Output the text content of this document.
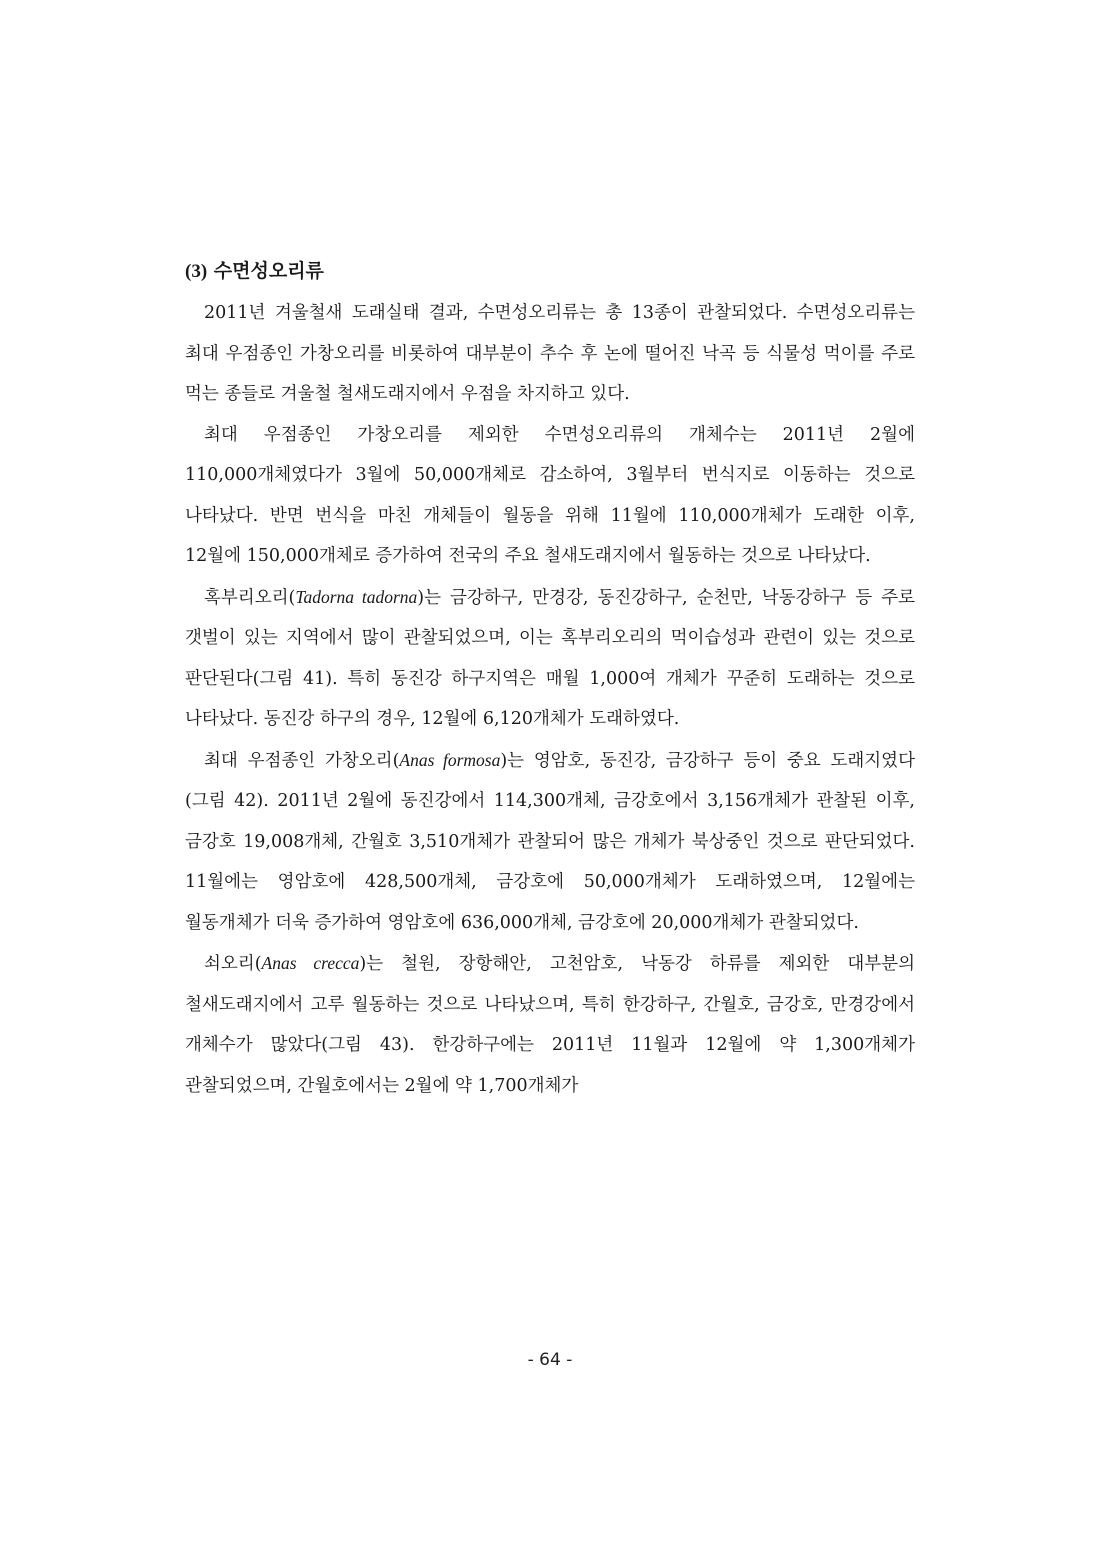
(3) 수면성오리류

2011년 겨울철새 도래실태 결과, 수면성오리류는 총 13종이 관찰되었다. 수면성오리류는 최대 우점종인 가창오리를 비롯하여 대부분이 추수 후 논에 떨어진 낙곡 등 식물성 먹이를 주로 먹는 종들로 겨울철 철새도래지에서 우점을 차지하고 있다.

최대 우점종인 가창오리를 제외한 수면성오리류의 개체수는 2011년 2월에 110,000개체였다가 3월에 50,000개체로 감소하여, 3월부터 번식지로 이동하는 것으로 나타났다. 반면 번식을 마친 개체들이 월동을 위해 11월에 110,000개체가 도래한 이후, 12월에 150,000개체로 증가하여 전국의 주요 철새도래지에서 월동하는 것으로 나타났다.

혹부리오리(Tadorna tadorna)는 금강하구, 만경강, 동진강하구, 순천만, 낙동강하구 등 주로 갯벌이 있는 지역에서 많이 관찰되었으며, 이는 혹부리오리의 먹이습성과 관련이 있는 것으로 판단된다(그림 41). 특히 동진강 하구지역은 매월 1,000여 개체가 꾸준히 도래하는 것으로 나타났다. 동진강 하구의 경우, 12월에 6,120개체가 도래하였다.

최대 우점종인 가창오리(Anas formosa)는 영암호, 동진강, 금강하구 등이 중요 도래지였다(그림 42). 2011년 2월에 동진강에서 114,300개체, 금강호에서 3,156개체가 관찰된 이후, 금강호 19,008개체, 간월호 3,510개체가 관찰되어 많은 개체가 북상중인 것으로 판단되었다. 11월에는 영암호에 428,500개체, 금강호에 50,000개체가 도래하였으며, 12월에는 월동개체가 더욱 증가하여 영암호에 636,000개체, 금강호에 20,000개체가 관찰되었다.

쇠오리(Anas crecca)는 철원, 장항해안, 고천암호, 낙동강 하류를 제외한 대부분의 철새도래지에서 고루 월동하는 것으로 나타났으며, 특히 한강하구, 간월호, 금강호, 만경강에서 개체수가 많았다(그림 43). 한강하구에는 2011년 11월과 12월에 약 1,300개체가 관찰되었으며, 간월호에서는 2월에 약 1,700개체가

- 64 -
